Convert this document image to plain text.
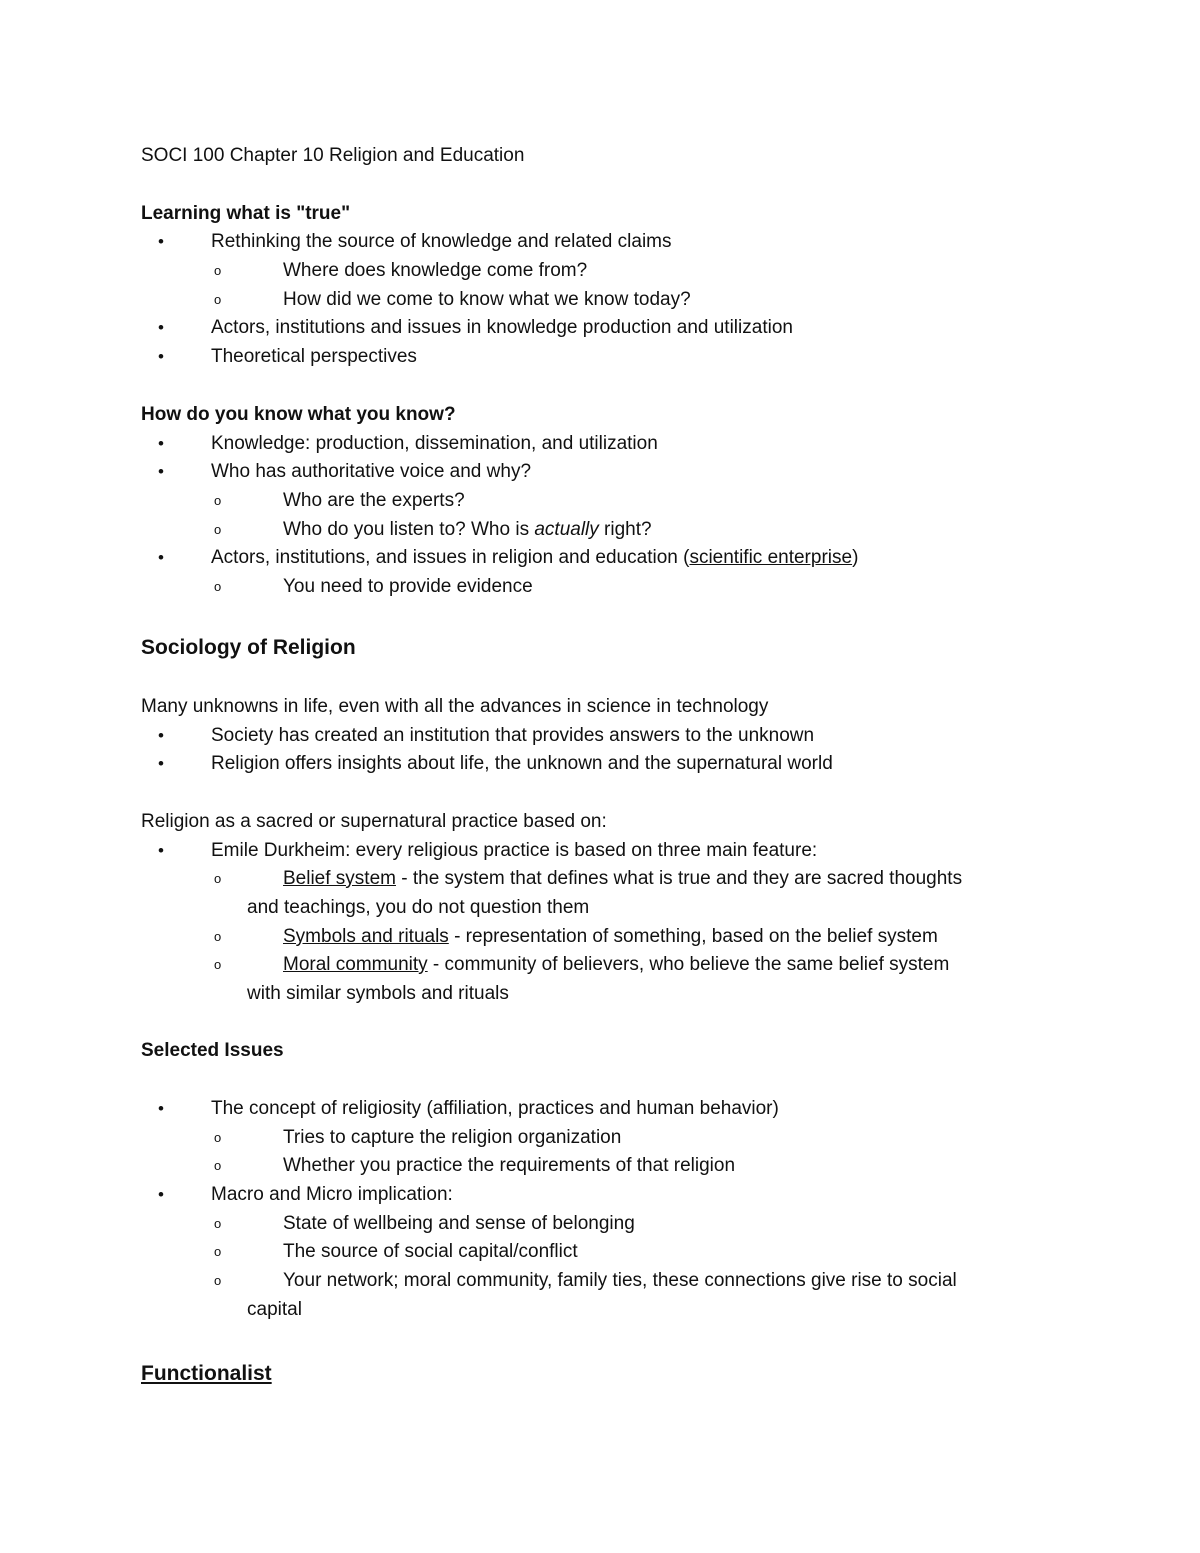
SOCI 100 Chapter 10 Religion and Education
Learning what is "true"
• Rethinking the source of knowledge and related claims
o	Where does knowledge come from?
o	How did we come to know what we know today?
• Actors, institutions and issues in knowledge production and utilization
• Theoretical perspectives
How do you know what you know?
• Knowledge: production, dissemination, and utilization
• Who has authoritative voice and why?
o	Who are the experts?
o	Who do you listen to? Who is actually right?
• Actors, institutions, and issues in religion and education (scientific enterprise)
o	You need to provide evidence
Sociology of Religion
Many unknowns in life, even with all the advances in science in technology
• Society has created an institution that provides answers to the unknown
• Religion offers insights about life, the unknown and the supernatural world
Religion as a sacred or supernatural practice based on:
• Emile Durkheim: every religious practice is based on three main feature:
o	Belief system - the system that defines what is true and they are sacred thoughts
and teachings, you do not question them
o	Symbols and rituals - representation of something, based on the belief system
o	Moral community - community of believers, who believe the same belief system
with similar symbols and rituals
Selected Issues
• The concept of religiosity (affiliation, practices and human behavior)
o	Tries to capture the religion organization
o	Whether you practice the requirements of that religion
• Macro and Micro implication:
o	State of wellbeing and sense of belonging
o	The source of social capital/conflict
o	Your network; moral community, family ties, these connections give rise to social
capital
Functionalist
